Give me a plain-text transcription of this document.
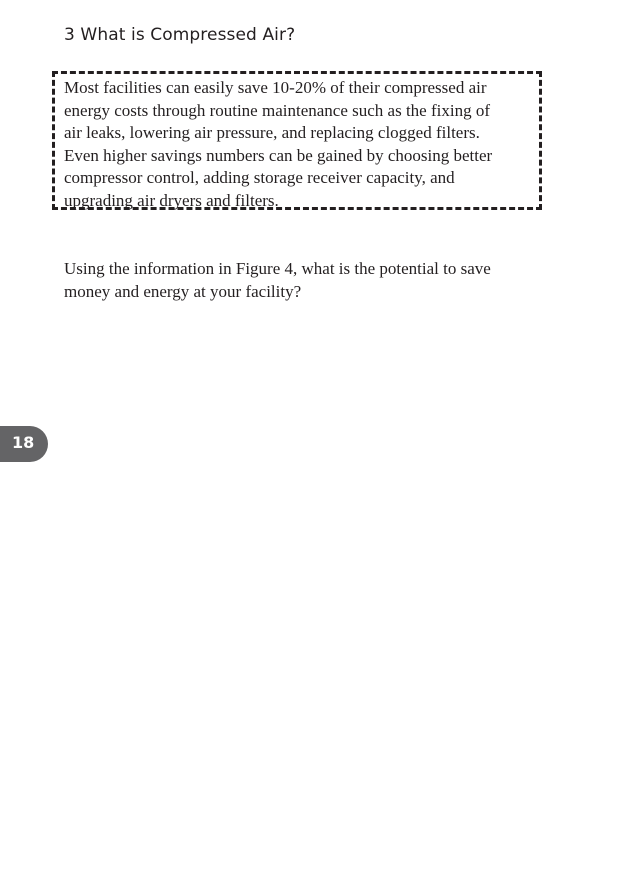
3 What is Compressed Air?
Most facilities can easily save 10-20% of their compressed air
energy costs through routine maintenance such as the fixing of
air leaks, lowering air pressure, and replacing clogged filters.
Even higher savings numbers can be gained by choosing better
compressor control, adding storage receiver capacity, and
upgrading air dryers and filters.
Using the information in Figure 4, what is the potential to save
money and energy at your facility?
18
